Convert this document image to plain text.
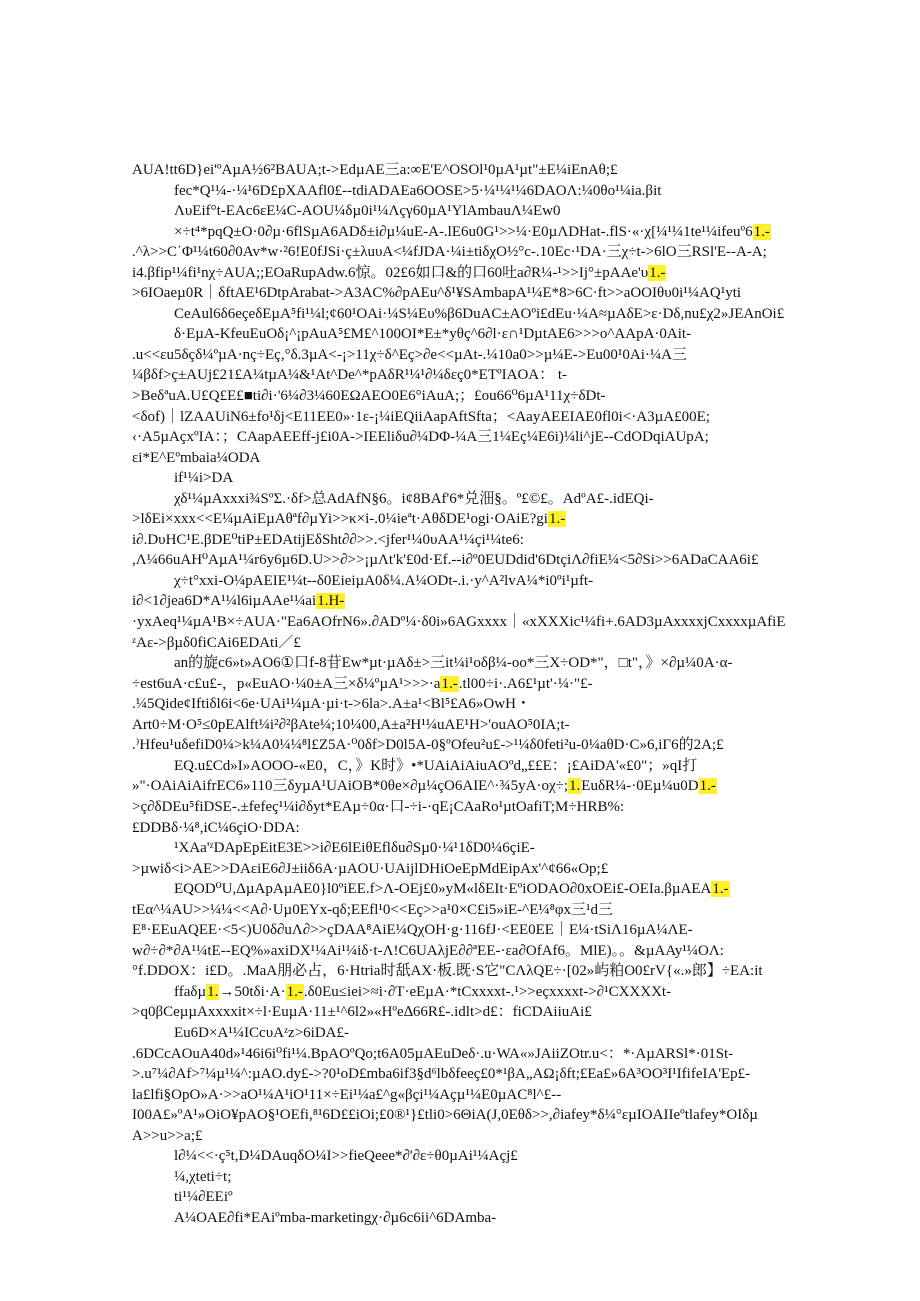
AUA!tt6D}ei'ºAµA½6²BAUA;t->EdµAE三a:∞E'E^OSOl¹0µA¹µt"±E¼iEnAθ;£
fec*Q¹¼-·¼¹6D£pXAAfl0£--tdiADAEa6OOSE>5·¼¹¼¹¼6DAOΛ:¼0θo¹¼ia.βit
ΛυEif°t-EAc6εE¼C-AOU¼δµ0i¹¼Λçγ60µA¹YlAmbauΛ¼Ew0
×÷t⁴*pqQ±O·0∂µ·6flSµA6ADδ±i∂µ¼uE-A-.lE6u0G¹>>¼·E0µΛDHat-.flS·«·χ[¼¹¼1te¹¼ifeuº61.-
.^λ>>C΄Φ¹¼t60∂0Av*w·²6!E0fJSi·ç±λuυA<¼fJDA·¼i±tiδχO½°c-.10Ec·¹DA·三χ÷t->6lO三RSl'E--A-A;
i4.βfip¹¼fi¹nχ÷AUA;;EOaRupAdw.6惊。02£6如口&的口60吐a∂R¼-¹>>Ij°±pAAe'υ1.-
>6IOaeµ0R｜δftAE¹6DtpArabat->A3AC%∂pAEu^δ¹¥SAmbapA¹¼E*8>6C·ft>>aOOIθυ0i¹¼AQ¹yti
CeAul6δ6eçeδEµA⁵fi¹¼l;¢60¹OAi·¼S¼Eυ%β6DuAC±AOºi£dEu·¼A≈µAδE>ε·Dδ,nu£χ2»JEAnOi£
δ·EµA-KfeuEuOδ¡^¡pAuA⁵£M£^100OI*E±*yθç^6∂l·ε∩¹DµtAE6>>>o^AApA·0Ait-
.u<<εu5δçδ¼ºµA·nç÷Eç,°δ.3µA<-¡>11χ÷δ^Eç>∂e<<µAt-.¼10a0>>µ¼E->Eu00¹0Ai·¼A三
¼βδf>ç±AUj£21£A¼tµA¼&¹At^De^*pAδR¹¼¹∂¼δεç0*ETºIAOA： t-
>BeδªuA.U£Q£E£■ti∂i·'6¼∂3¼60EΩAEO0E6°iAuA;；£ou66⁰6µA¹11χ÷δDt-
<δof)｜lZAAUiN6±fo¹δj<E11EE0»·1ε-¡¼iEQiiAapAftSfta；<AayAEEIAE0fl0i<·A3µA£00E;
‹·A5µAçxºIA：；CAapAEEff-j£i0A->IEEliδu∂¼DΦ-¼A三1¼Eç¼E6i)¼li^jE--CdODqiAUpA;
εi*E^Eºmbaia¼ODA
if¹¼i>DA
χδ¹¼µAxxxi¾SºΣ.·δf>总AdAfN§6。i¢8BAf'6*兑沺§。º£©£。AdºA£-.idEQi-
>lδEi×xxx<<E¼µAiEµAθªf∂µYi>>κ×i-.0¼ieªt·AθδDE¹ogi·OAiE?gi1.-
i∂.DυHC¹E.βDE⁰tiP±EDAtijEδSht∂∂>>.<jfer¹¼0υAA¹¼çi¹¼te6:
,Λ¼66uAH⁰AµA¹¼r6y6µ6D.U>>∂>>¡µΛt'k'£0d·Ef.--i∂º0EUDdid'6DtçiΛ∂fiE¼<5∂Si>>6ADaCAA6i£
χ÷t°xxi-O¼pAEIE¹¼t--δ0EieiµA0δ¼.A¼ODt-.i.·y^A²lvA¼*i0ºi¹µft-
i∂<1∂jea6D*A¹¼l6iµAAe¹¼ai1.H-
·yxAeq¹¼µA¹B×÷AUA·"Ea6AOfrN6».∂ADº¼·δ0i»6AGxxxx｜«xXXXic¹¼fi+.6AD3µAxxxxjCxxxxµAfiE
ᶻAε->βµδ0fiCAi6EDAti／£
an的旋c6»t»AO6①口f-8苷Ew*µt·µAδ±>三it¼i¹oδβ¼-oo*三X÷OD*"，□t"，》×∂µ¼0A·α-
÷est6uA·c£u£-，p«EuAO·¼0±A三×δ¼ºµA¹>>>·a1.-.tl00÷i·.A6£¹µt'·¼·"£-
.¼5Qide¢Iftiδl6i<6e·UAi¹¼µA·µi·t->6la>.A±a¹<Bl⁵£A6»OwH・
Art0÷M·O⁵≤0pEAlft¼i²∂²βAte¼;10¼00,A±a²H¹¼uAE¹H>'ouAO⁵0IA;t-
.⁾Hfeu¹uδefiD0¼>k¼A0¼¼⁸l£Z5A·⁰0δf>D0l5A-0§ºOfeu²u£->¹¼δ0feti²u-0¼aθD·C»6,iΓ6的2A;£
EQ.u£Cd»I»AOOO-«E0，C，》K时》•*UAiAiAiuAOºd„££E：¡£AiDA'«£0"；»qI打
»"·OAiAiAifrEC6»110三δyµA¹UAiOB*0θe×∂µ¼çO6AIE^·¾5yA·oχ÷;1.EuδR¼-·0Eµ¼u0D1.-
>ç∂δDEu⁵fiDSE-.±fefeç¹¼i∂δyt*EAµ÷0α·口-÷i-·qE¡CAaRo¹µtOafiT;M÷HRB%:
£DDBδ·¼⁸,iC¼6çiO·DDA:
¹XAa'ᶻDApEpEitE3E>>i∂E6lEiθEflδu∂Sµ0·¼¹1δD0¼6çiE-
>µwiδ<i>AE>>DAεiE6∂J±iiδ6A·µAOU·UAijlDHiOeEpMdEipAx'^¢66«Op;£
EQOD⁰U,ΔµApAµAE0}l0ºiEE.f>Λ-OEj£0»yM«lδEIt·EºiODAO∂0xOEi£-OEIa.βµAEA1.-
tEα^¼AU>>¼¼<<A∂·Uµ0EYx-qδ;EEfl¹0<<Eç>>a¹0×C£i5»iE-^E¼⁸φx三¹d三
E⁸·EEuAQEE·<5<)U0δ∂uΛ∂>>çDAA⁸AiE¼QχOH·g·116fJ·<EE0EE｜E¼·tSiΛ16µA¼ΛE-
w∂÷∂*∂A¹¼tE--EQ%»axiDX¹¼Ai¹¼iδ·t-Λ!C6UAλjE∂∂ªEE-·εa∂OfAf6。MlE)。。&µAAy¹¼OΛ:
°f.DDOX：i£D。.MaA朋必占，6·Htria时舐AX·板.既·S它"CΛλQE÷·[02»屿粕O0£rV{«.»郎】÷EA:it
ffaδµ1.→50tδi·A·1.-.δ0Eu≤iei>≈i·∂T·eEµA·*tCxxxxt-.¹>>eçxxxxt->∂¹CXXXXt-
>q0βCeµµAxxxxit×÷l·EuµA·11±¹^6l2»«Hºe∆66R£-.idlt>d£：fiCDAiiuAi£
Eu6D×A¹¼ICcυAᶻz>6iDA£-
.6DCcAOuA40d»¹46i6i⁰fi¹¼.BpAOºQo;t6A05µAEuDeδ·.u·WA«»JAiiZOtr.u<：*·AµARSl*·01St-
>.u⁷¼∂Af>⁷¼µ¹¼^:µAO.dy£->?0¹oD£mba6if3§d⁶lbδfeeç£0*¹βA„AΩ¡δft;£Ea£»6A³OO³I¹IfifeIA'Ep£-
la£lfi§OpO»A·>>aO¹¼A¹iO¹11×÷Ei¹¼a£^g«βçi¹¼Açµ¹¼E0µAC⁸l^£--
I00A£»ºA¹»OiO¥pAO§¹OEfi,⁸¹6D££iOi;£0®¹}£tli0>6ΘiA(J,0Eθδ>>,∂iafey*δ¼°εµIOAIIeºtlafey*OIδµ
A>>u>>a;£
l∂¼<<·ç⁵t,D¼DAuqδO¼I>>fieQeee*∂'∂ε÷θ0µAi¹¼Açj£
¼,χteti÷t;
ti¹¼∂EEiº
A¼OAE∂fi*EAiºmba-marketingχ·∂µ6c6ii^6DAmba-
